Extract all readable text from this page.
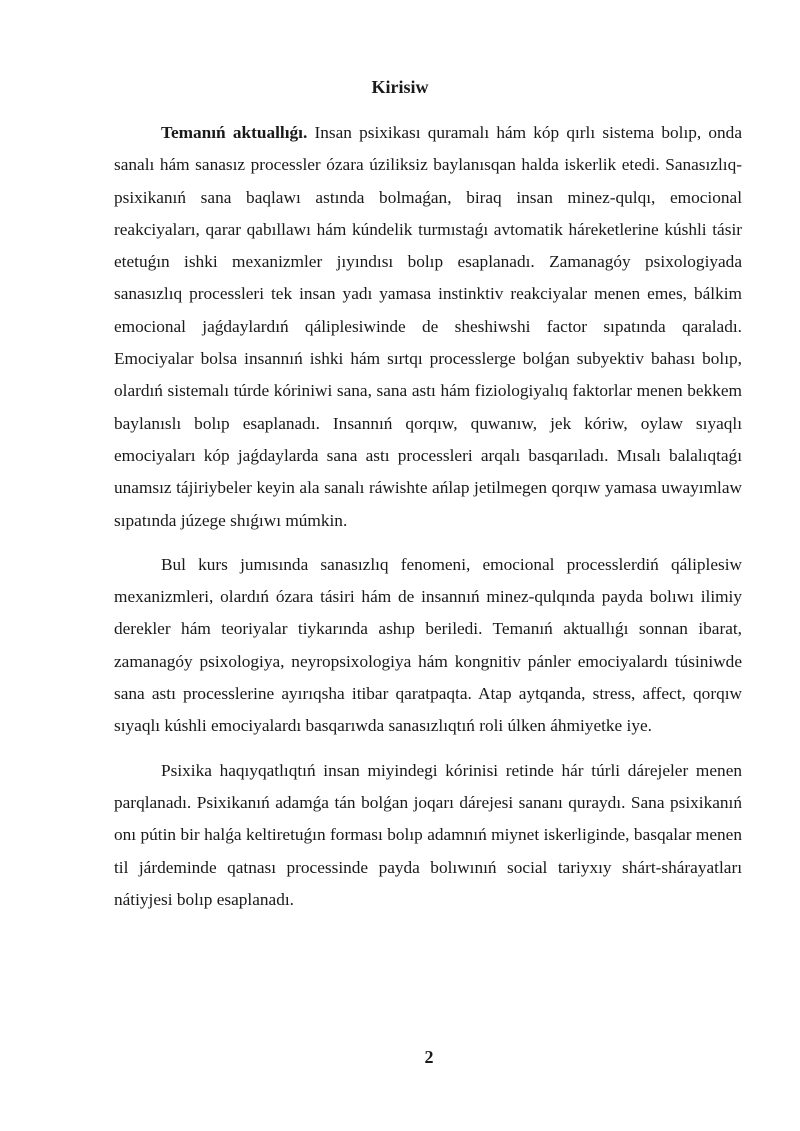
Kirisiw

Temanıń aktuallıǵı. Insan psixikası quramalı hám kóp qırlı sistema bolıp, onda sanalı hám sanasız processler ózara úziliksiz baylanısqan halda iskerlik etedi. Sanasızlıq-psixikanıń sana baqlawı astında bolmaǵan, biraq insan minez-qulqı, emocional reakciyaları, qarar qabıllawı hám kúndelik turmıstaǵı avtomatik háreketlerine kúshli tásir etetuǵın ishki mexanizmler jıyındısı bolıp esaplanadı. Zamanagóy psixologiyada sanasızlıq processleri tek insan yadı yamasa instinktiv reakciyalar menen emes, bálkim emocional jaǵdaylardıń qáliplesiwinde de sheshiwshi factor sıpatında qaraladı. Emociyalar bolsa insannıń ishki hám sırtqı processlerge bolǵan subyektiv bahası bolıp, olardıń sistemalı túrde kóriniwi sana, sana astı hám fiziologiyalıq faktorlar menen bekkem baylanıslı bolıp esaplanadı. Insannıń qorqıw, quwanıw, jek kóriw, oylaw sıyaqlı emociyaları kóp jaǵdaylarda sana astı processleri arqalı basqarıladı. Mısalı balalıqtaǵı unamsız tájiriybeler keyin ala sanalı ráwishte ańlap jetilmegen qorqıw yamasa uwayımlaw sıpatında júzege shıǵıwı múmkin.

Bul kurs jumısında sanasızlıq fenomeni, emocional processlerdiń qáliplesiw mexanizmleri, olardıń ózara tásiri hám de insannıń minez-qulqında payda bolıwı ilimiy derekler hám teoriyalar tiykarında ashıp beriledi. Temanıń aktuallıǵı sonnan ibarat, zamanagóy psixologiya, neyropsixologiya hám kongnitiv pánler emociyalardı túsiniwde sana astı processlerine ayırıqsha itibar qaratpaqta. Atap aytqanda, stress, affect, qorqıw sıyaqlı kúshli emociyalardı basqarıwda sanasızlıqtıń roli úlken áhmiyetke iye.

Psixika haqıyqatlıqtıń insan miyindegi kórinisi retinde hár túrli dárejeler menen parqlanadı. Psixikanıń adamǵa tán bolǵan joqarı dárejesi sananı quraydı. Sana psixikanıń onı pútin bir halǵa keltiretuǵın forması bolıp adamnıń miynet iskerliginde, basqalar menen til járdeminde qatnası processinde payda bolıwınıń social tariyxıy shárt-shárayatları nátiyjesi bolıp esaplanadı.

2
